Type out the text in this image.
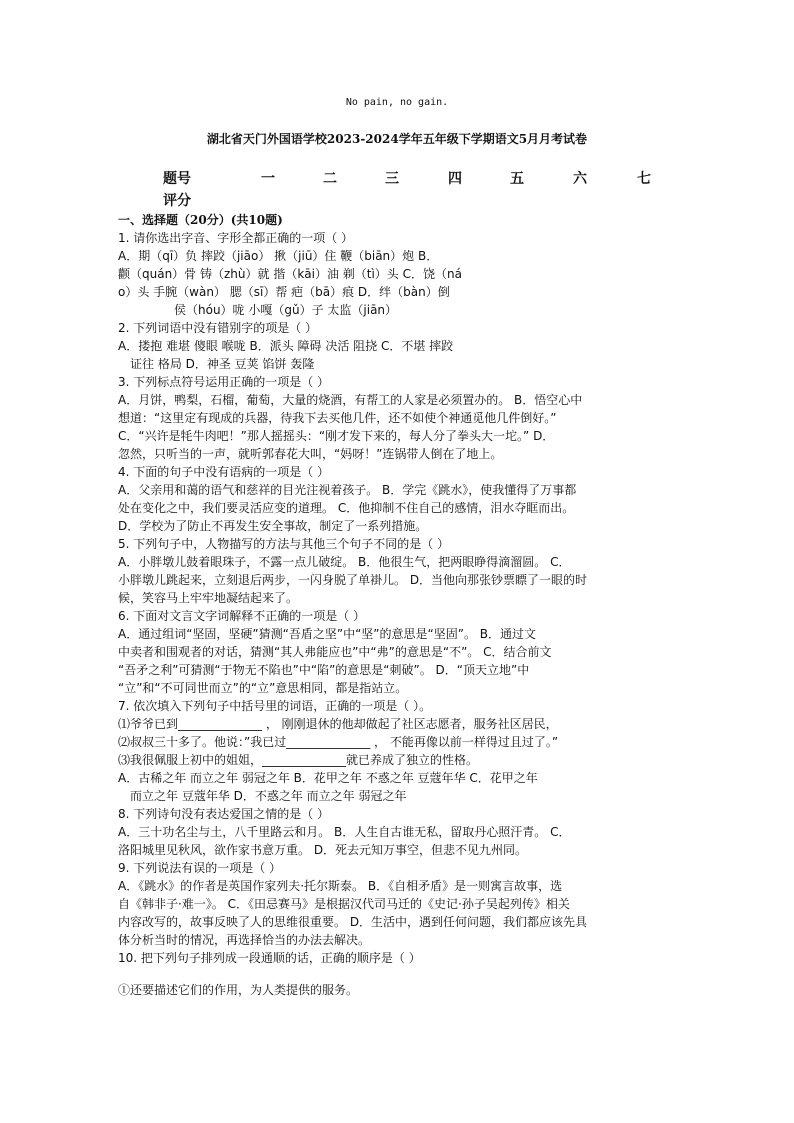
No pain, no gain.
湖北省天门外国语学校2023-2024学年五年级下学期语文5月月考试卷
题号	一	二	三	四	五	六	七
评分

一、选择题（20分）(共10题)

1. 请你选出字音、字形全都正确的一项（ ）

A．期（qī）负 摔跤（jiāo） 揪（jiū）住 鞭（biān）炮 B．

颧（quán）骨 铸（zhù）就 揩（kāi）油 剃（tì）头 C．饶（ná

o）头 手腕（wàn） 腮（sī）帮 疤（bā）痕 D．绊（bàn）倒

侯（hóu）咙 小嘎（gǔ）子 太监（jiān）

2. 下列词语中没有错别字的项是（ ）

A．搂抱 难堪 傻眼 喉咙 B．派头 障碍 决活 阻挠 C．不堪 摔跤

证往 格局 D．神圣 豆荚 馅饼 轰隆

3. 下列标点符号运用正确的一项是（ ）

A．月饼，鸭梨，石榴，葡萄，大量的烧酒，有帮工的人家是必须置办的。 B．悟空心中

想道：“这里定有现成的兵器，待我下去买他几件，还不如使个神通觅他几件倒好。”

C．“兴许是牦牛肉吧！”那人摇摇头：“刚才发下来的，每人分了拳头大一坨。” D．

忽然，只听当的一声，就听郭春花大叫，“妈呀！”连锅带人倒在了地上。

4. 下面的句子中没有语病的一项是（ ）

A．父亲用和蔼的语气和慈祥的目光注视着孩子。 B．学完《跳水》，使我懂得了万事都

处在变化之中，我们要灵活应变的道理。 C．他抑制不住自己的感情，泪水夺眶而出。

D．学校为了防止不再发生安全事故，制定了一系列措施。

5. 下列句子中，人物描写的方法与其他三个句子不同的是（ ）

A．小胖墩儿鼓着眼珠子，不露一点儿破绽。 B．他很生气，把两眼睁得滴溜圆。 C．

小胖墩儿跳起来，立刻退后两步，一闪身脱了单褂儿。 D．当他向那张钞票瞟了一眼的时

候，笑容马上牢牢地凝结起来了。

6. 下面对文言文字词解释不正确的一项是（ ）

A．通过组词“坚固，坚硬”猜测“吾盾之坚”中“坚”的意思是“坚固”。 B．通过文

中卖者和围观者的对话，猜测“其人弗能应也”中“弗”的意思是“不”。 C．结合前文

“吾矛之利”可猜测“于物无不陷也”中“陷”的意思是“刺破”。 D．“顶天立地”中

“立”和“不可同世而立”的“立”意思相同，都是指站立。

7. 依次填入下列句子中括号里的词语，正确的一项是（ ）。

⑴爷爷已到______________ ， 刚刚退休的他却做起了社区志愿者，服务社区居民，

⑵叔叔三十多了。他说：”我已过______________ ， 不能再像以前一样得过且过了。”

⑶我很佩服上初中的姐姐，______________就已养成了独立的性格。

A．古稀之年 而立之年 弱冠之年 B．花甲之年 不惑之年 豆蔻年华 C．花甲之年

而立之年 豆蔻年华 D．不惑之年 而立之年 弱冠之年

8. 下列诗句没有表达爱国之情的是（ ）

A．三十功名尘与土，八千里路云和月。 B．人生自古谁无私，留取丹心照汗青。 C．

洛阳城里见秋风，欲作家书意万重。 D．死去元知万事空，但悲不见九州同。

9. 下列说法有误的一项是（ ）

A．《跳水》的作者是英国作家列夫·托尔斯泰。 B．《自相矛盾》是一则寓言故事，选

自《韩非子·难一》。 C．《田忌赛马》是根据汉代司马迁的《史记·孙子吴起列传》相关

内容改写的，故事反映了人的思维很重要。 D．生活中，遇到任何问题，我们都应该先具

体分析当时的情况，再选择恰当的办法去解决。

10. 把下列句子排列成一段通顺的话，正确的顺序是（ ）

①还要描述它们的作用，为人类提供的服务。
